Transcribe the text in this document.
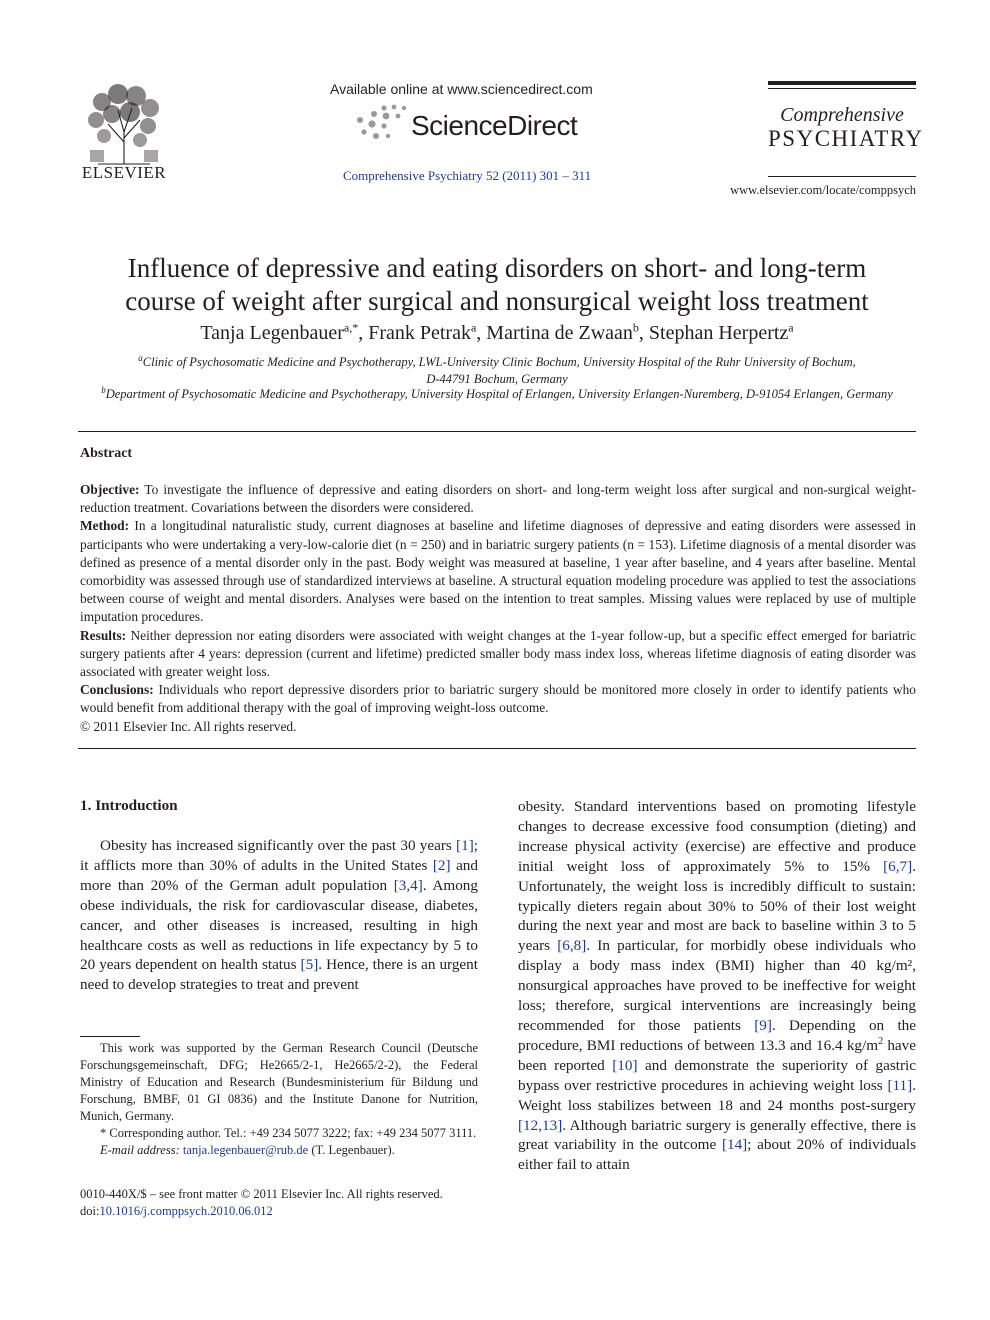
ELSEVIER
Available online at www.sciencedirect.com
ScienceDirect
Comprehensive Psychiatry 52 (2011) 301 – 311
Comprehensive
PSYCHIATRY
www.elsevier.com/locate/comppsych
Influence of depressive and eating disorders on short- and long-term
course of weight after surgical and nonsurgical weight loss treatment
Tanja Legenbauer$^{a,*}$, Frank Petrak$^a$, Martina de Zwaan$^b$, Stephan Herpertz$^a$
$^a$Clinic of Psychosomatic Medicine and Psychotherapy, LWL-University Clinic Bochum, University Hospital of the Ruhr University of Bochum,
D-44791 Bochum, Germany
$^b$Department of Psychosomatic Medicine and Psychotherapy, University Hospital of Erlangen, University Erlangen-Nuremberg, D-91054 Erlangen, Germany
Abstract

Objective: To investigate the influence of depressive and eating disorders on short- and long-term weight loss after surgical and non-surgical weight-reduction treatment. Covariations between the disorders were considered.

Method: In a longitudinal naturalistic study, current diagnoses at baseline and lifetime diagnoses of depressive and eating disorders were assessed in participants who were undertaking a very-low-calorie diet (n = 250) and in bariatric surgery patients (n = 153). Lifetime diagnosis of a mental disorder was defined as presence of a mental disorder only in the past. Body weight was measured at baseline, 1 year after baseline, and 4 years after baseline. Mental comorbidity was assessed through use of standardized interviews at baseline. A structural equation modeling procedure was applied to test the associations between course of weight and mental disorders. Analyses were based on the intention to treat samples. Missing values were replaced by use of multiple imputation procedures.

Results: Neither depression nor eating disorders were associated with weight changes at the 1-year follow-up, but a specific effect emerged for bariatric surgery patients after 4 years: depression (current and lifetime) predicted smaller body mass index loss, whereas lifetime diagnosis of eating disorder was associated with greater weight loss.

Conclusions: Individuals who report depressive disorders prior to bariatric surgery should be monitored more closely in order to identify patients who would benefit from additional therapy with the goal of improving weight-loss outcome.

© 2011 Elsevier Inc. All rights reserved.

1. Introduction

Obesity has increased significantly over the past 30 years [1]; it afflicts more than 30% of adults in the United States [2] and more than 20% of the German adult population [3,4]. Among obese individuals, the risk for cardiovascular disease, diabetes, cancer, and other diseases is increased, resulting in high healthcare costs as well as reductions in life expectancy by 5 to 20 years dependent on health status [5]. Hence, there is an urgent need to develop strategies to treat and prevent

obesity. Standard interventions based on promoting lifestyle changes to decrease excessive food consumption (dieting) and increase physical activity (exercise) are effective and produce initial weight loss of approximately 5% to 15% [6,7]. Unfortunately, the weight loss is incredibly difficult to sustain: typically dieters regain about 30% to 50% of their lost weight during the next year and most are back to baseline within 3 to 5 years [6,8]. In particular, for morbidly obese individuals who display a body mass index (BMI) higher than 40 kg/m², nonsurgical approaches have proved to be ineffective for weight loss; therefore, surgical interventions are increasingly being recommended for those patients [9]. Depending on the procedure, BMI reductions of between 13.3 and 16.4 $kg/m^2$ have been reported [10] and demonstrate the superiority of gastric bypass over restrictive procedures in achieving weight loss [11]. Weight loss stabilizes between 18 and 24 months post-surgery [12,13]. Although bariatric surgery is generally effective, there is great variability in the outcome [14]; about 20% of individuals either fail to attain

This work was supported by the German Research Council (Deutsche Forschungsgemeinschaft, DFG; He2665/2-1, He2665/2-2), the Federal Ministry of Education and Research (Bundesministerium für Bildung und Forschung, BMBF, 01 GI 0836) and the Institute Danone for Nutrition, Munich, Germany.

* Corresponding author. Tel.: +49 234 5077 3222; fax: +49 234 5077 3111.

E-mail address: tanja.legenbauer@rub.de (T. Legenbauer).

0010-440X/$ – see front matter © 2011 Elsevier Inc. All rights reserved.
doi:10.1016/j.comppsych.2010.06.012
